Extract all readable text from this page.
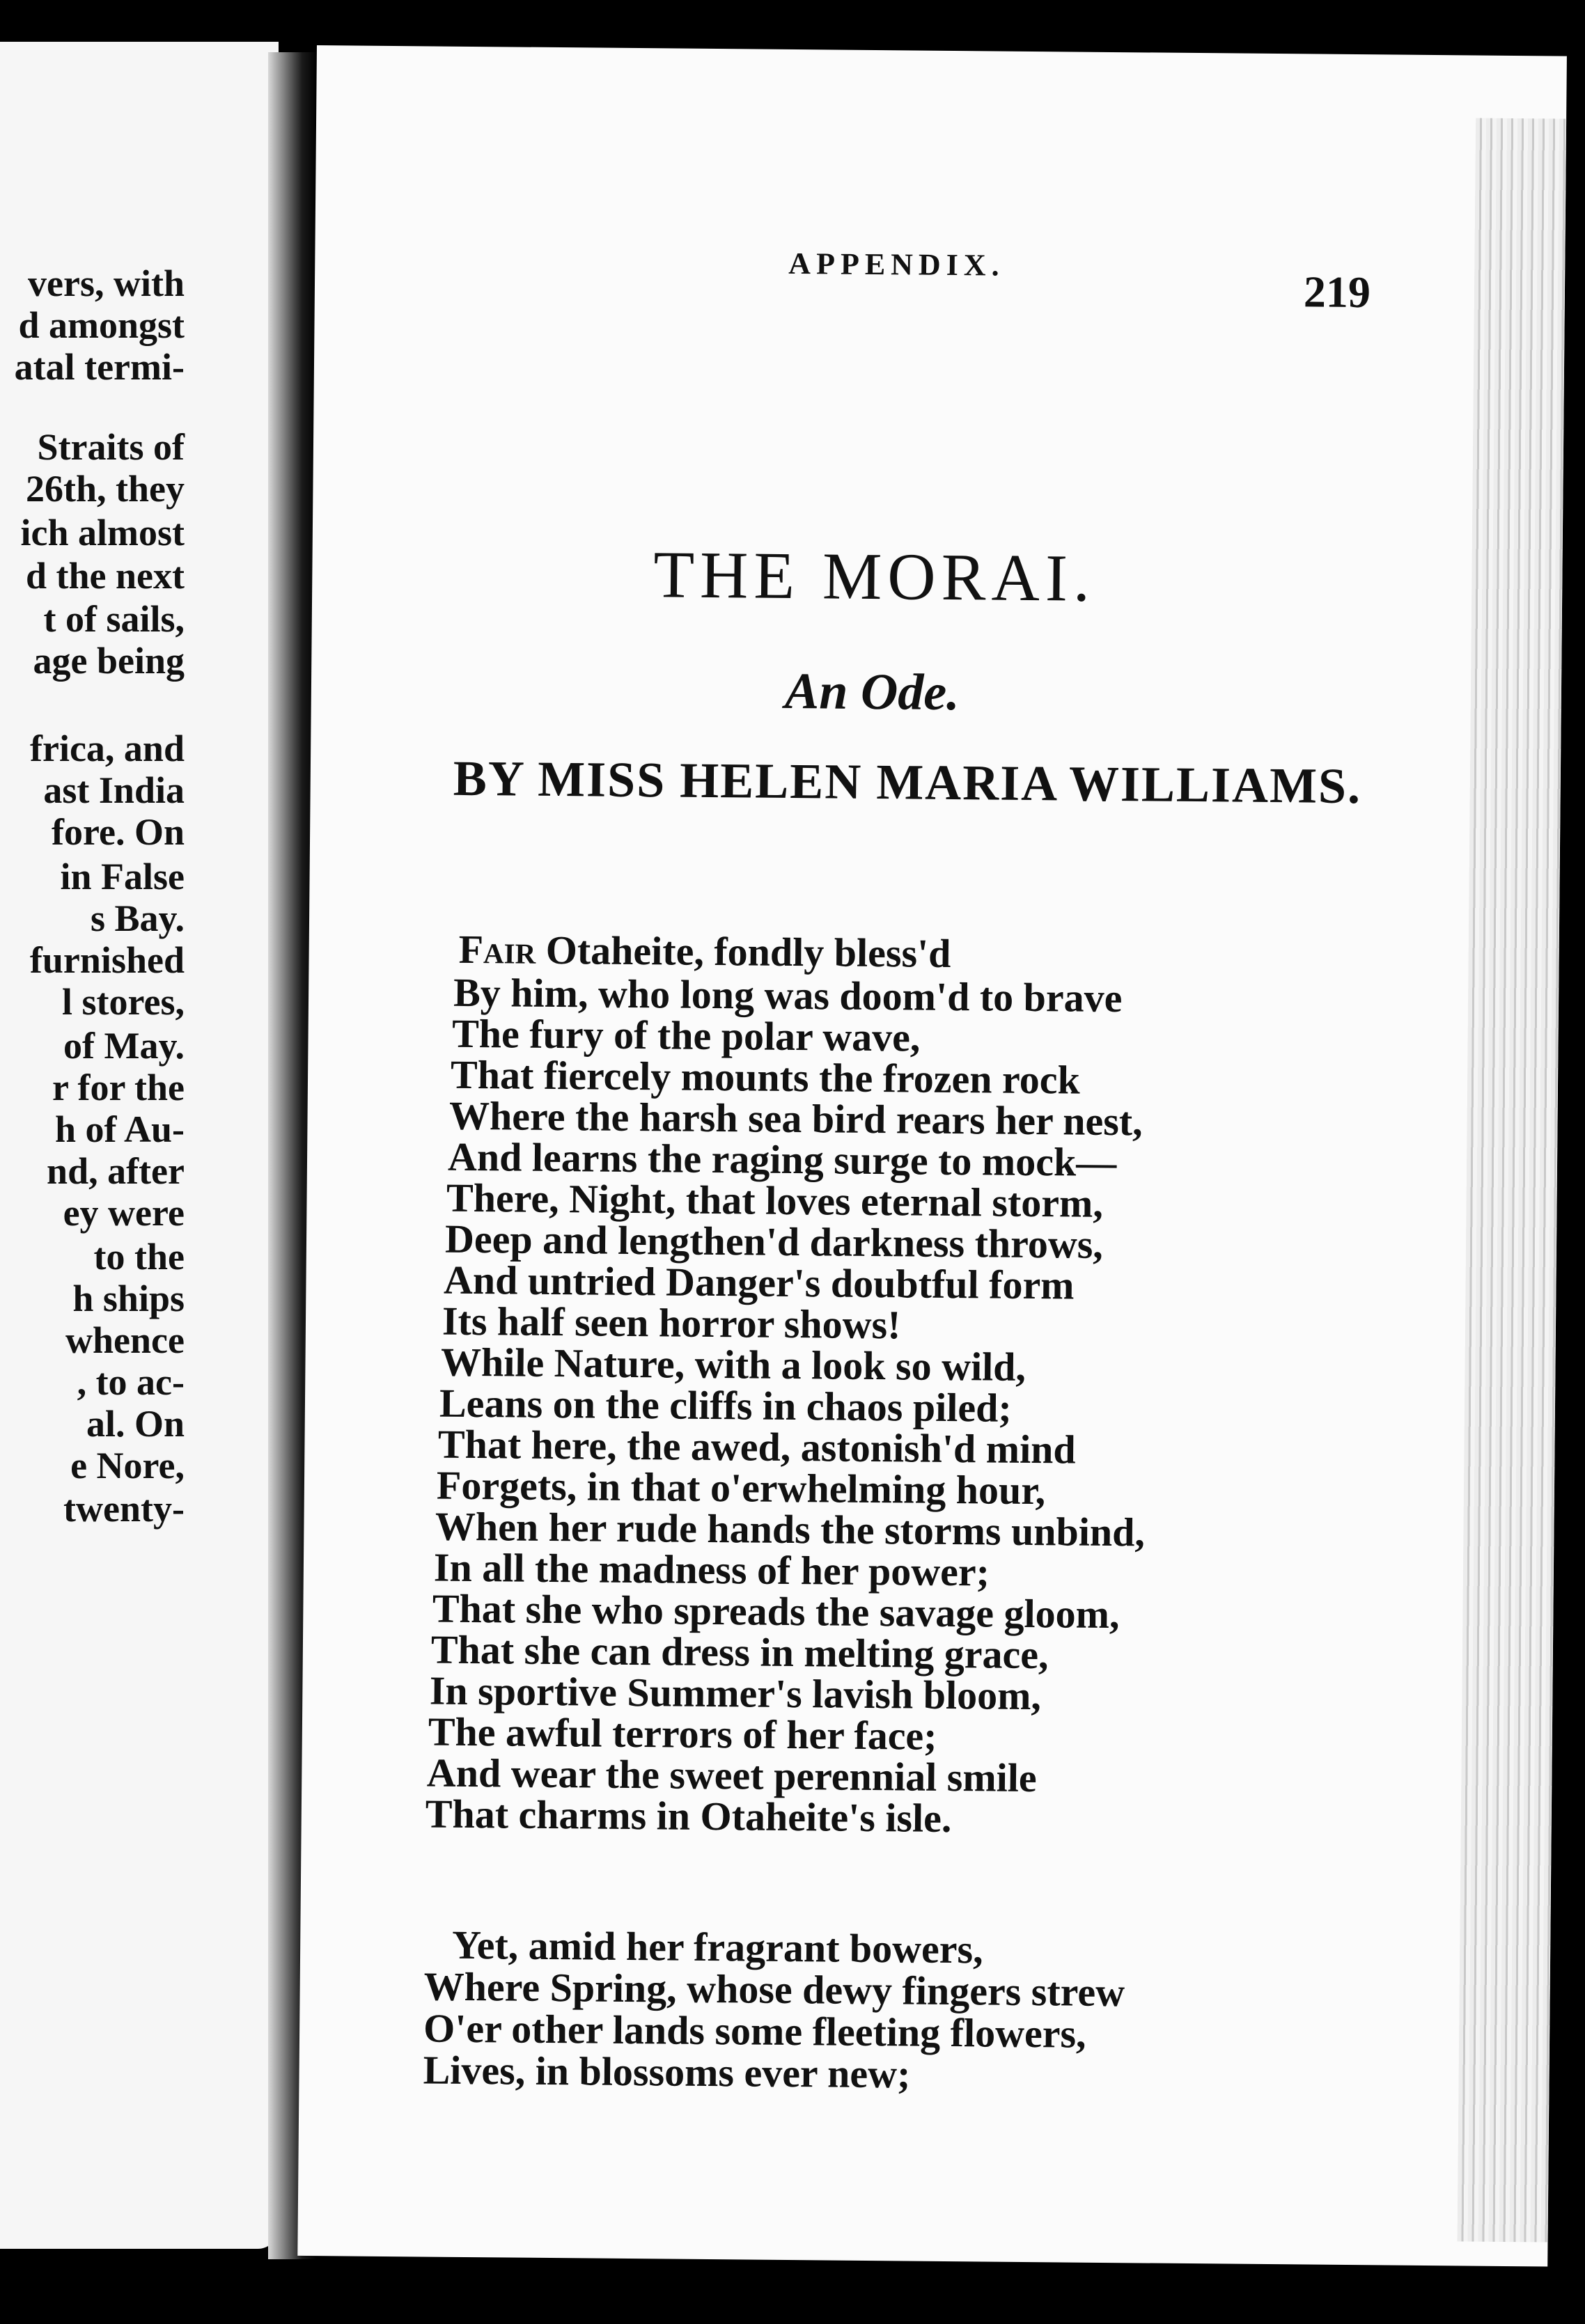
vers, with
d amongst
atal termi-
Straits of
26th, they
ich almost
d the next
t of sails,
age being
frica, and
ast India
fore. On
in False
s Bay.
furnished
l stores,
of May.
r for the
h of Au-
nd, after
ey were
to the
h ships
whence
, to ac-
al. On
e Nore,
twenty-
APPENDIX.
219
THE MORAI.
An Ode.
BY MISS HELEN MARIA WILLIAMS.
Fair Otaheite, fondly bless'd
By him, who long was doom'd to brave
The fury of the polar wave,
That fiercely mounts the frozen rock
Where the harsh sea bird rears her nest,
And learns the raging surge to mock—
There, Night, that loves eternal storm,
Deep and lengthen'd darkness throws,
And untried Danger's doubtful form
Its half seen horror shows!
While Nature, with a look so wild,
Leans on the cliffs in chaos piled;
That here, the awed, astonish'd mind
Forgets, in that o'erwhelming hour,
When her rude hands the storms unbind,
In all the madness of her power;
That she who spreads the savage gloom,
That she can dress in melting grace,
In sportive Summer's lavish bloom,
The awful terrors of her face;
And wear the sweet perennial smile
That charms in Otaheite's isle.
Yet, amid her fragrant bowers,
Where Spring, whose dewy fingers strew
O'er other lands some fleeting flowers,
Lives, in blossoms ever new;
